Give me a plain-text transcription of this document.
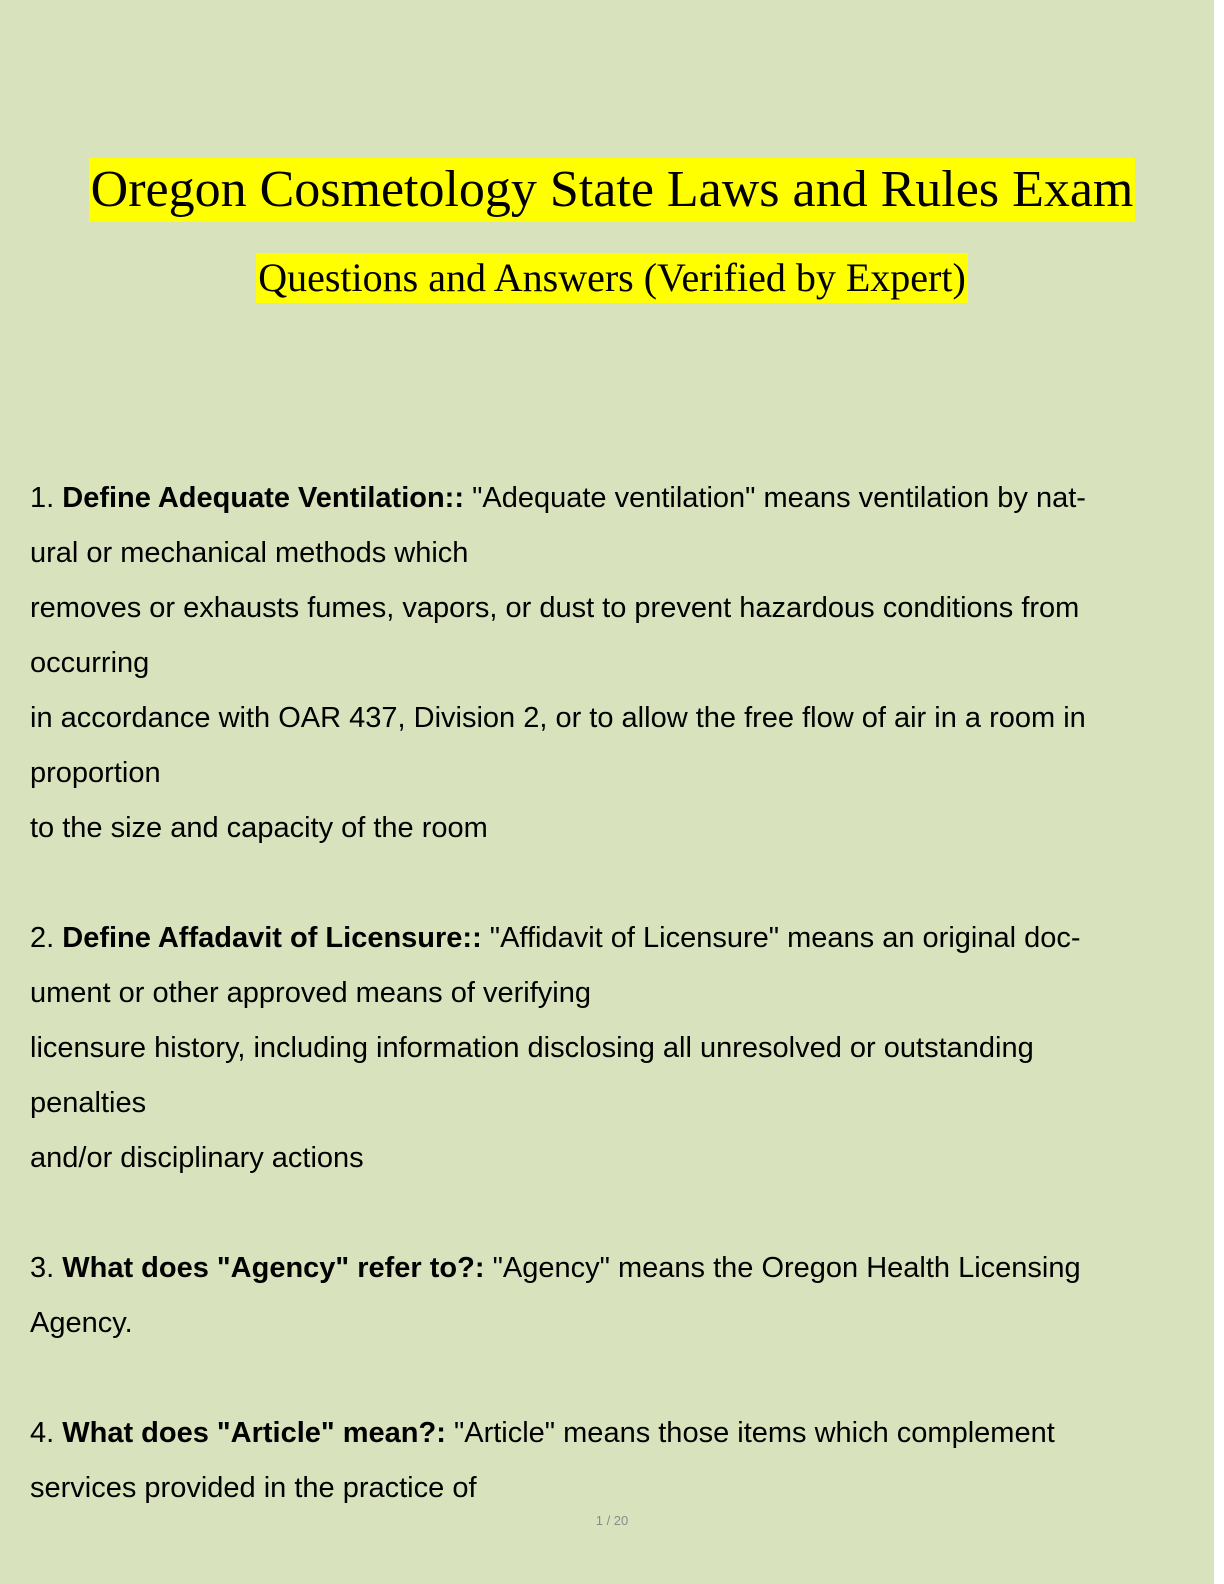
Oregon Cosmetology State Laws and Rules Exam
Questions and Answers (Verified by Expert)

1. Define Adequate Ventilation:: "Adequate ventilation" means ventilation by nat-

ural or mechanical methods which

removes or exhausts fumes, vapors, or dust to prevent hazardous conditions from

occurring

in accordance with OAR 437, Division 2, or to allow the free flow of air in a room in

proportion

to the size and capacity of the room

2. Define Affadavit of Licensure:: "Affidavit of Licensure" means an original doc-

ument or other approved means of verifying

licensure history, including information disclosing all unresolved or outstanding

penalties

and/or disciplinary actions

3. What does "Agency" refer to?: "Agency" means the Oregon Health Licensing

Agency.

4. What does "Article" mean?: "Article" means those items which complement

services provided in the practice of

1 / 20
